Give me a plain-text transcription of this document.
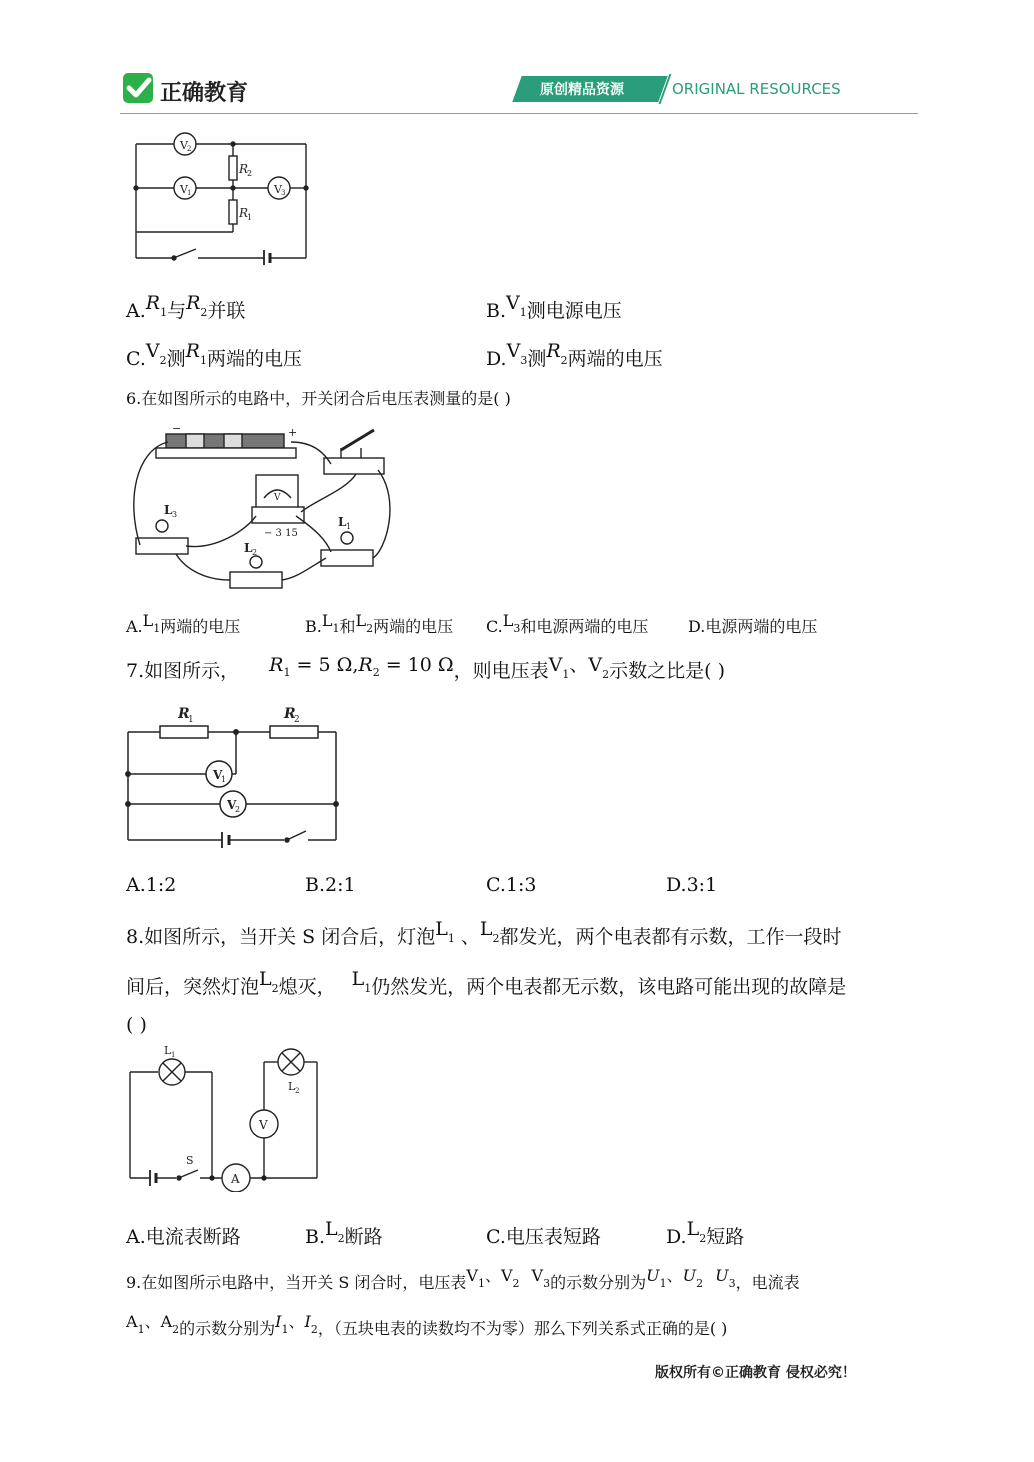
正确教育	原创精品资源	ORIGINAL RESOURCES
V 2
V 1	V 3
R
2
R
1
$A.R_1$与$R_2$并联	$B.V_1$测电源电压
$C.V_2$测$R_1$两端的电压	$D.V_3$测$R_2$两端的电压
6.在如图所示的电路中，开关闭合后电压表测量的是( )
−	+
V
− 3 15
L 3
L 1
L 2
$A.L_1$两端的电压	$B.L_1$和$L_2$两端的电压 $C.L_3$和电源两端的电压 D.电源两端的电压
7.如图所示， $R_1 = 5$ $\Omega,R_2 = 10$ Ω，则电压表$V_1$、$V_2$示数之比是( )
R
1	R
2
V
1
V
2
A.1:2	B.2:1	C.1:3	D.3:1
8.如图所示，当开关 S 闭合后，灯泡$L_1$ 、$L_2$都发光，两个电表都有示数，工作一段时
间后，突然灯泡$L_2$熄灭， $L_1$仍然发光，两个电表都无示数，该电路可能出现的故障是
( )
L 1
L 2
S
V
A
A.电流表断路	$B.L_2$断路	C.电压表短路	$D.L_2$短路
9.在如图所示电路中，当开关 S 闭合时，电压表$V_1$、$V_2$ $V_3$的示数分别为$U_1$、$U_2$ $U_3$，电流表
$A_1$、$A_2$的示数分别为$I_1$、$I_2$，（五块电表的读数均不为零）那么下列关系式正确的是( )
版权所有©正确教育 侵权必究！
